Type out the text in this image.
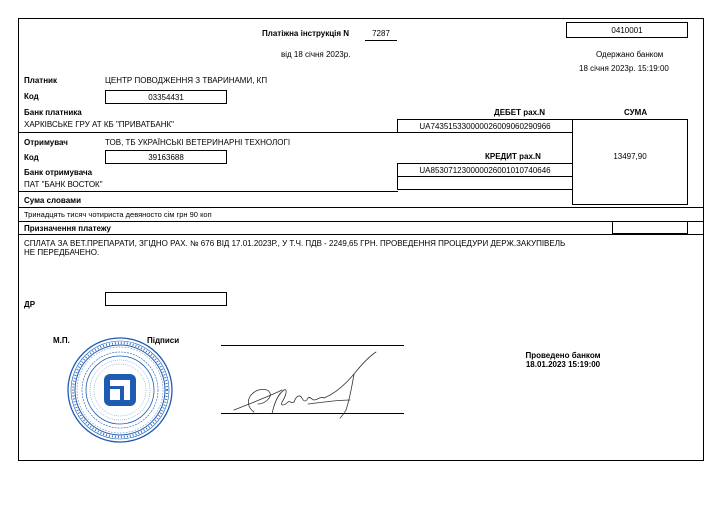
Платіжна інструкція N	7287	0410001
від 18 січня 2023р.	Одержано банком
18 січня 2023р. 15:19:00
Платник	ЦЕНТР ПОВОДЖЕННЯ З ТВАРИНАМИ, КП
Код	03354431
Банк платника
ХАРКІВСЬКЕ ГРУ АТ КБ "ПРИВАТБАНК"
ДЕБЕТ рах.N	СУМА
UA743515330000026009060290966
13497,90
Отримувач	ТОВ, ТБ УКРАЇНСЬКІ ВЕТЕРИНАРНІ ТЕХНОЛОГІ
Код	39163688	КРЕДИТ рах.N
UA853071230000026001010740646
Банк отримувача
ПАТ "БАНК ВОСТОК"
Сума словами
Тринадцять тисяч чотириста девяносто сім грн 90 коп
Призначення платежу
СПЛАТА ЗА ВЕТ.ПРЕПАРАТИ, ЗГІДНО РАХ. № 676 ВІД 17.01.2023Р., У Т.Ч. ПДВ - 2249,65 ГРН. ПРОВЕДЕННЯ ПРОЦЕДУРИ ДЕРЖ.ЗАКУПІВЕЛЬ
НЕ ПЕРЕДБАЧЕНО.
ДР
М.П.	Підписи
Проведено банком
18.01.2023 15:19:00
